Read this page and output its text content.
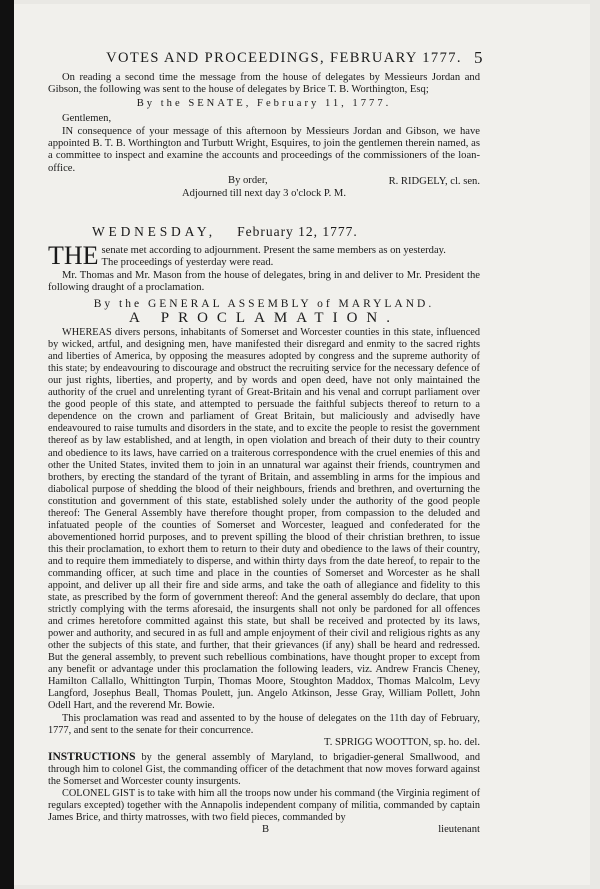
VOTES AND PROCEEDINGS, FEBRUARY 1777. 5

On reading a second time the message from the house of delegates by Messieurs Jordan and Gibson, the following was sent to the house of delegates by Brice T. B. Worthington, Esq;

By the SENATE, February 11, 1777.

Gentlemen,

IN consequence of your message of this afternoon by Messieurs Jordan and Gibson, we have appointed B. T. B. Worthington and Turbutt Wright, Esquires, to join the gentlemen therein named, as a committee to inspect and examine the accounts and proceedings of the commissioners of the loan-office.

By order,	R. RIDGELY, cl. sen.

Adjourned till next day 3 o'clock P. M.

WEDNESDAY, February 12, 1777.

THE senate met according to adjournment. Present the same members as on yesterday.
The proceedings of yesterday were read.

Mr. Thomas and Mr. Mason from the house of delegates, bring in and deliver to Mr. President the following draught of a proclamation.

By the GENERAL ASSEMBLY of MARYLAND.

A PROCLAMATION.

WHEREAS divers persons, inhabitants of Somerset and Worcester counties in this state, influenced by wicked, artful, and designing men, have manifested their disregard and enmity to the sacred rights and liberties of America, by opposing the measures adopted by congress and the supreme authority of this state; by endeavouring to discourage and obstruct the recruiting service for the necessary defence of our just rights, liberties, and property, and by words and open deed, have not only maintained the authority of the cruel and unrelenting tyrant of Great-Britain and his venal and corrupt parliament over the good people of this state, and attempted to persuade the faithful subjects thereof to return to a dependence on the crown and parliament of Great Britain, but maliciously and advisedly have endeavoured to raise tumults and disorders in the state, and to excite the people to resist the government thereof as by law established, and at length, in open violation and breach of their duty to their country and obedience to its laws, have carried on a traiterous correspondence with the cruel enemies of this and other the United States, invited them to join in an unnatural war against their friends, countrymen and brothers, by erecting the standard of the tyrant of Britain, and assembling in arms for the impious and diabolical purpose of shedding the blood of their neighbours, friends and brethren, and overturning the constitution and government of this state, established solely under the authority of the good people thereof: The General Assembly have therefore thought proper, from compassion to the deluded and infatuated people of the counties of Somerset and Worcester, leagued and confederated for the abovementioned horrid purposes, and to prevent spilling the blood of their christian brethren, to issue this their proclamation, to exhort them to return to their duty and obedience to the laws of their country, and to require them immediately to disperse, and within thirty days from the date hereof, to repair to the commanding officer, at such time and place in the counties of Somerset and Worcester as he shall appoint, and deliver up all their fire and side arms, and take the oath of allegiance and fidelity to this state, as prescribed by the form of government thereof: And the general assembly do declare, that upon strictly complying with the terms aforesaid, the insurgents shall not only be pardoned for all offences and crimes heretofore committed against this state, but shall be received and protected by its laws, power and authority, and secured in as full and ample enjoyment of their civil and religious rights as any other the subjects of this state, and further, that their grievances (if any) shall be heard and redressed. But the general assembly, to prevent such rebellious combinations, have thought proper to except from any benefit or advantage under this proclamation the following leaders, viz. Andrew Francis Cheney, Hamilton Callallo, Whittington Turpin, Thomas Moore, Stoughton Maddox, Thomas Malcolm, Levy Langford, Josephus Beall, Thomas Poulett, jun. Angelo Atkinson, Jesse Gray, William Pollett, John Odell Hart, and the reverend Mr. Bowie.

This proclamation was read and assented to by the house of delegates on the 11th day of February, 1777, and sent to the senate for their concurrence.

T. SPRIGG WOOTTON, sp. ho. del.

INSTRUCTIONS by the general assembly of Maryland, to brigadier-general Smallwood, and through him to colonel Gist, the commanding officer of the detachment that now moves forward against the Somerset and Worcester county insurgents.

COLONEL GIST is to take with him all the troops now under his command (the Virginia regiment of regulars excepted) together with the Annapolis independent company of militia, commanded by captain James Brice, and thirty matrosses, with two field pieces, commanded by

B	lieutenant
